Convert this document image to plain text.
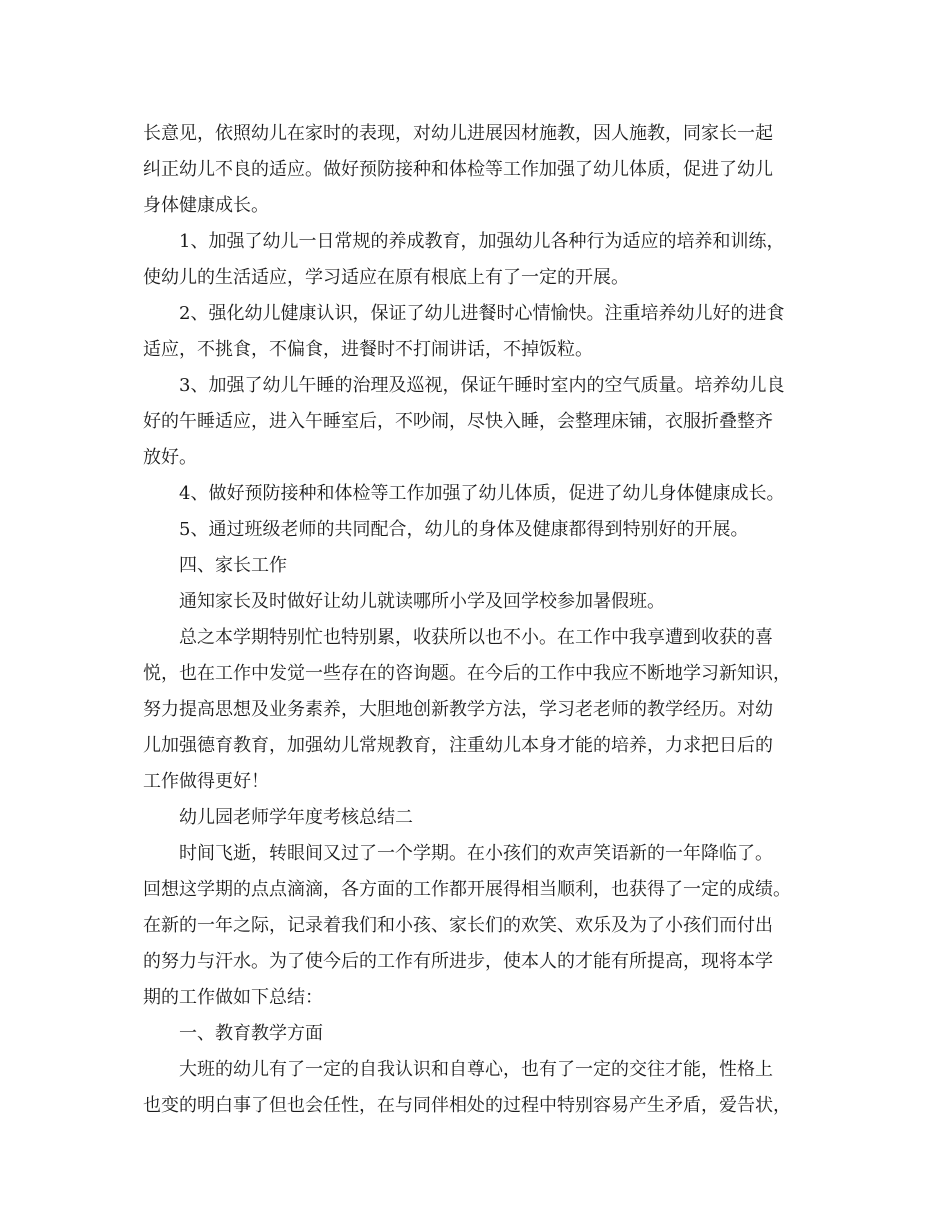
长意见，依照幼儿在家时的表现，对幼儿进展因材施教，因人施教，同家长一起
纠正幼儿不良的适应。做好预防接种和体检等工作加强了幼儿体质，促进了幼儿
身体健康成长。
1、加强了幼儿一日常规的养成教育，加强幼儿各种行为适应的培养和训练，
使幼儿的生活适应，学习适应在原有根底上有了一定的开展。
2、强化幼儿健康认识，保证了幼儿进餐时心情愉快。注重培养幼儿好的进食
适应，不挑食，不偏食，进餐时不打闹讲话，不掉饭粒。
3、加强了幼儿午睡的治理及巡视，保证午睡时室内的空气质量。培养幼儿良
好的午睡适应，进入午睡室后，不吵闹，尽快入睡，会整理床铺，衣服折叠整齐
放好。
4、做好预防接种和体检等工作加强了幼儿体质，促进了幼儿身体健康成长。
5、通过班级老师的共同配合，幼儿的身体及健康都得到特别好的开展。
四、家长工作
通知家长及时做好让幼儿就读哪所小学及回学校参加暑假班。
总之本学期特别忙也特别累，收获所以也不小。在工作中我享遭到收获的喜
悦，也在工作中发觉一些存在的咨询题。在今后的工作中我应不断地学习新知识，
努力提高思想及业务素养，大胆地创新教学方法，学习老老师的教学经历。对幼
儿加强德育教育，加强幼儿常规教育，注重幼儿本身才能的培养，力求把日后的
工作做得更好！
幼儿园老师学年度考核总结二
时间飞逝，转眼间又过了一个学期。在小孩们的欢声笑语新的一年降临了。
回想这学期的点点滴滴，各方面的工作都开展得相当顺利，也获得了一定的成绩。
在新的一年之际，记录着我们和小孩、家长们的欢笑、欢乐及为了小孩们而付出
的努力与汗水。为了使今后的工作有所进步，使本人的才能有所提高，现将本学
期的工作做如下总结：
一、教育教学方面
大班的幼儿有了一定的自我认识和自尊心，也有了一定的交往才能，性格上
也变的明白事了但也会任性，在与同伴相处的过程中特别容易产生矛盾，爱告状，
